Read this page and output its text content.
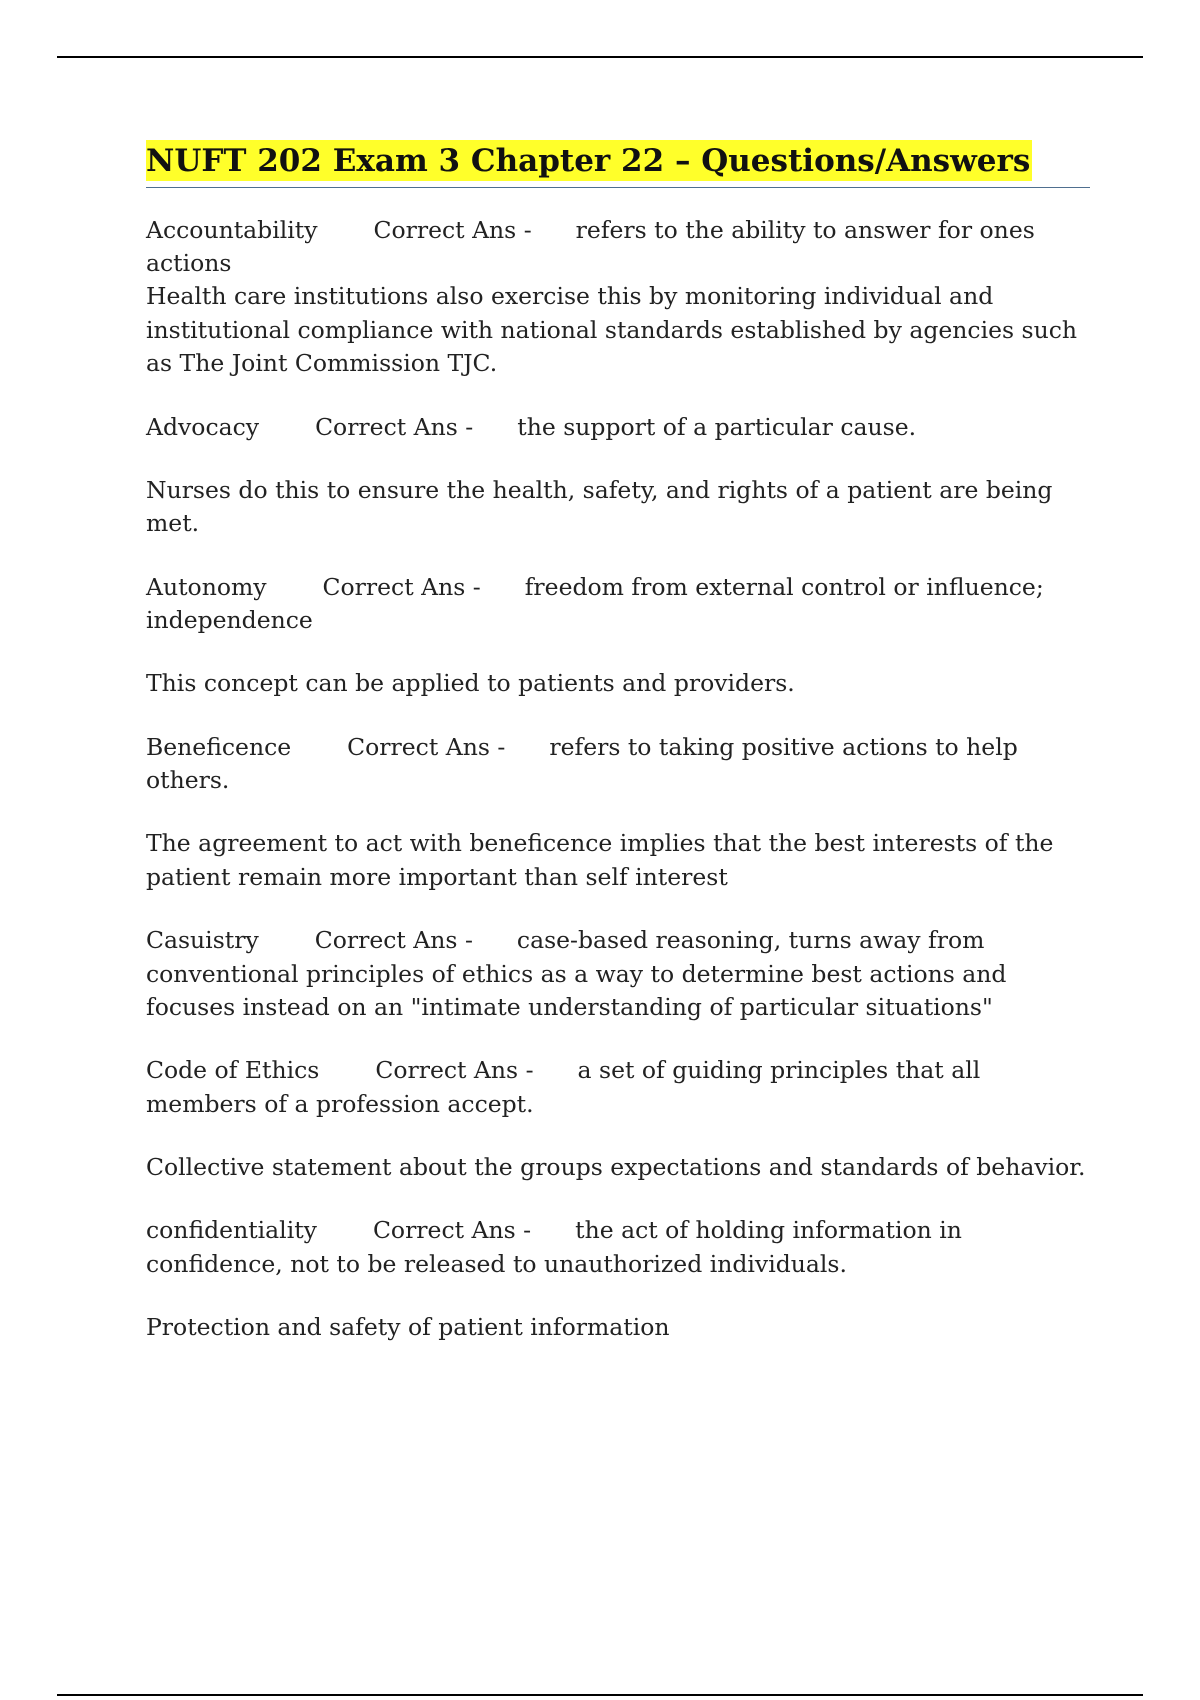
NUFT 202 Exam 3 Chapter 22 – Questions/Answers

Accountability Correct Ans - refers to the ability to answer for ones actions

Health care institutions also exercise this by monitoring individual and institutional compliance with national standards established by agencies such as The Joint Commission TJC.

Advocacy Correct Ans - the support of a particular cause.

Nurses do this to ensure the health, safety, and rights of a patient are being met.

Autonomy Correct Ans - freedom from external control or influence; independence

This concept can be applied to patients and providers.

Beneficence Correct Ans - refers to taking positive actions to help others.

The agreement to act with beneficence implies that the best interests of the patient remain more important than self interest

Casuistry Correct Ans - case-based reasoning, turns away from conventional principles of ethics as a way to determine best actions and focuses instead on an "intimate understanding of particular situations"

Code of Ethics Correct Ans - a set of guiding principles that all members of a profession accept.

Collective statement about the groups expectations and standards of behavior.

confidentiality Correct Ans - the act of holding information in confidence, not to be released to unauthorized individuals.

Protection and safety of patient information
